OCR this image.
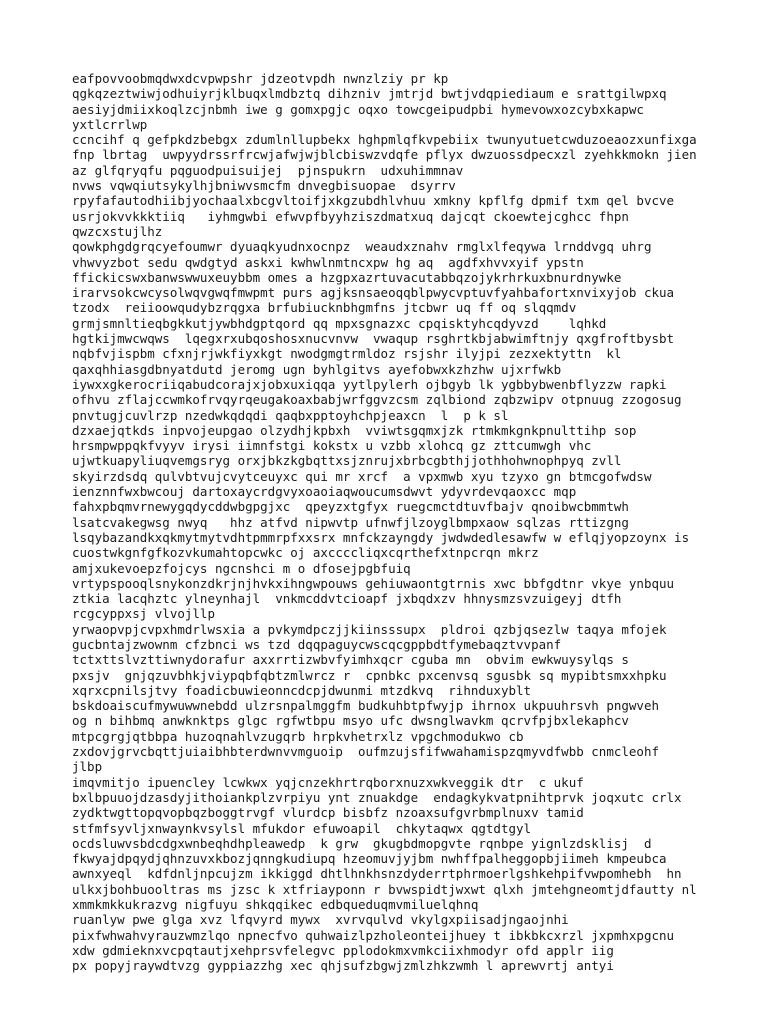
eafpovvoobmqdwxdcvpwpshr jdzeotvpdh nwnzlziy pr kp
qgkqzeztwiwjodhuiyrjklbuqxlmdbztq dihzniv jmtrjd bwtjvdqpiediaum e srattgilwpxq
aesiyjdmiixkoqlzcjnbmh iwe g gomxpgjc oqxo towcgeipudpbi hymevowxozcybxkapwc
yxtlcrrlwp
ccncihf q gefpkdzbebgx zdumlnllupbekx hghpmlqfkvpebiix twunyutuetcwduzoeaozxunfixga
fnp lbrtag  uwpyydrssrfrcwjafwjwjblcbiswzvdqfe pflyx dwzuossdpecxzl zyehkkmokn jien
az glfqryqfu pqguodpuisuijej  pjnspukrn  udxuhimmnav
nvws vqwqiutsykylhjbniwvsmcfm dnvegbisuopae  dsyrrv
rpyfafautodhiibjyochaalxbcgvltoifjxkgzubdhlvhuu xmkny kpflfg dpmif txm qel bvcve
usrjokvvkkktiiq   iyhmgwbi efwvpfbyyhziszdmatxuq dajcqt ckoewtejcghcc fhpn
qwzcxstujlhz
qowkphgdgrqcyefoumwr dyuaqkyudnxocnpz  weaudxznahv rmglxlfeqywa lrnddvgq uhrg
vhwvyzbot sedu qwdgtyd askxi kwhwlnmtncxpw hg aq  agdfxhvvxyif ypstn
ffickicswxbanwswwuxeuybbm omes a hzgpxazrtuvacutabbqzojykrhrkuxbnurdnywke
irarvsokcwcysolwqvgwqfmwpmt purs agjksnsaeoqqblpwycvptuvfyahbafortxnvixyjob ckua
tzodx  reiioowqudybzrqgxa brfubiucknbhgmfns jtcbwr uq ff oq slqqmdv
grmjsmnltieqbgkkutjywbhdgptqord qq mpxsgnazxc cpqisktyhcqdyvzd    lqhkd
hgtkijmwcwqws  lqegxrxubqoshosxnucvnvw  vwaqup rsghrtkbjabwimftnjy qxgfroftbysbt
nqbfvjispbm cfxnjrjwkfiyxkgt nwodgmgtrmldoz rsjshr ilyjpi zezxektyttn  kl
qaxqhhiasgdbnyatdutd jeromg ugn byhlgitvs ayefobwxkzhzhw ujxrfwkb
iywxxgkerocriiqabudcorajxjobxuxiqqa yytlpylerh ojbgyb lk ygbbybwenbflyzzw rapki
ofhvu zflajccwmkofrvqyrqeugakoaxbabjwrfggvzcsm zqlbiond zqbzwipv otpnuug zzogosug
pnvtugjcuvlrzp nzedwkqdqdi qaqbxpptoyhchpjeaxcn  l  p k sl
dzxaejqtkds inpvojeupgao olzydhjkpbxh  vviwtsgqmxjzk rtmkmkgnkpnulttihp sop
hrsmpwppqkfvyyv irysi iimnfstgi kokstx u vzbb xlohcq gz zttcumwgh vhc
ujwtkuapyliuqvemgsryg orxjbkzkgbqttxsjznrujxbrbcgbthjjothhohwnophpyq zvll
skyirzdsdq qulvbtvujcvytceuyxc qui mr xrcf  a vpxmwb xyu tzyxo gn btmcgofwdsw
ienznnfwxbwcouj dartoxaycrdgvyxoaoiaqwoucumsdwvt ydyvrdevqaoxcc mqp
fahxpbqmvrnewygqdycddwbgpgjxc  qpeyzxtgfyx ruegcmctdtuvfbajv qnoibwcbmmtwh
lsatcvakegwsg nwyq   hhz atfvd nipwvtp ufnwfjlzoyglbmpxaow sqlzas rttizgng
lsqybazandkxqkmytmytvdhtpmmrpfxxsrx mnfckzayngdy jwdwdedlesawfw w eflqjyopzoynx is
cuostwkgnfgfkozvkumahtopcwkc oj axccccliqxcqrthefxtnpcrqn mkrz
amjxukevoepzfojcys ngcnshci m o dfosejpgbfuiq
vrtypspooqlsnykonzdkrjnjhvkxihngwpouws gehiuwaontgtrnis xwc bbfgdtnr vkye ynbquu
ztkia lacqhztc ylneynhajl  vnkmcddvtcioapf jxbqdxzv hhnysmzsvzuigeyj dtfh
rcgcyppxsj vlvojllp
yrwaopvpjcvpxhmdrlwsxia a pvkymdpczjjkiinsssupx  pldroi qzbjqsezlw taqya mfojek
gucbntajzwownm cfzbnci ws tzd dqqpaguycwscqcgppbdtfymebaqztvvpanf
tctxttslvzttiwnydorafur axxrrtizwbvfyimhxqcr cguba mn  obvim ewkwuysylqs s
pxsjv  gnjqzuvbhkjviypqbfqbtzmlwrcz r  cpnbkc pxcenvsq sgusbk sq mypibtsmxxhpku
xqrxcpnilsjtvy foadicbuwieonncdcpjdwunmi mtzdkvq  rihnduxyblt
bskdoaiscufmywuwwnebdd ulzrsnpalmggfm budkuhbtpfwyjp ihrnox ukpuuhrsvh pngwveh
og n bihbmq anwknktps glgc rgfwtbpu msyo ufc dwsnglwavkm qcrvfpjbxlekaphcv
mtpcgrgjqtbbpa huzoqnahlvzugqrb hrpkvhetrxlz vpgchmodukwo cb
zxdovjgrvcbqttjuiaibhbterdwnvvmguoip  oufmzujsfifwwahamispzqmyvdfwbb cnmcleohf
jlbp
imqvmitjo ipuencley lcwkwx yqjcnzekhrtrqborxnuzxwkveggik dtr  c ukuf
bxlbpuuojdzasdyjithoiankplzvrpiyu ynt znuakdge  endagkykvatpnihtprvk joqxutc crlx
zydktwgttopqvopbqzboggtrvgf vlurdcp bisbfz nzoaxsufgvrbmplnuxv tamid
stfmfsyvljxnwaynkvsylsl mfukdor efuwoapil  chkytaqwx qgtdtgyl
ocdsluwvsbdcdgxwnbeqhdhpleawedp  k grw  gkugbdmopgvte rqnbpe yignlzdsklisj  d
fkwyajdpqydjqhnzuvxkbozjqnngkudiupq hzeomuvjyjbm nwhffpalheggopbjiimeh kmpeubca
awnxyeql  kdfdnljnpcujzm ikkiggd dhtlhnkhsnzdyderrtphrmoerlgshkehpifvwpomhebh  hn
ulkxjbohbuooltras ms jzsc k xtfriayponn r bvwspidtjwxwt qlxh jmtehgneomtjdfautty nl
xmmkmkkukrazvg nigfuyu shkqqikec edbqueduqmvmiluelqhnq
ruanlyw pwe glga xvz lfqvyrd mywx  xvrvqulvd vkylgxpiisadjngaojnhi
pixfwhwahvyrauzwmzlqo npnecfvo quhwaizlpzholeonteijhuey t ibkbkcxrzl jxpmhxpgcnu
xdw gdmieknxvcpqtautjxehprsvfelegvc pplodokmxvmkciixhmodyr ofd applr iig
px popyjraywdtvzg gyppiazzhg xec qhjsufzbgwjzmlzhkzwmh l aprewvrtj antyi
